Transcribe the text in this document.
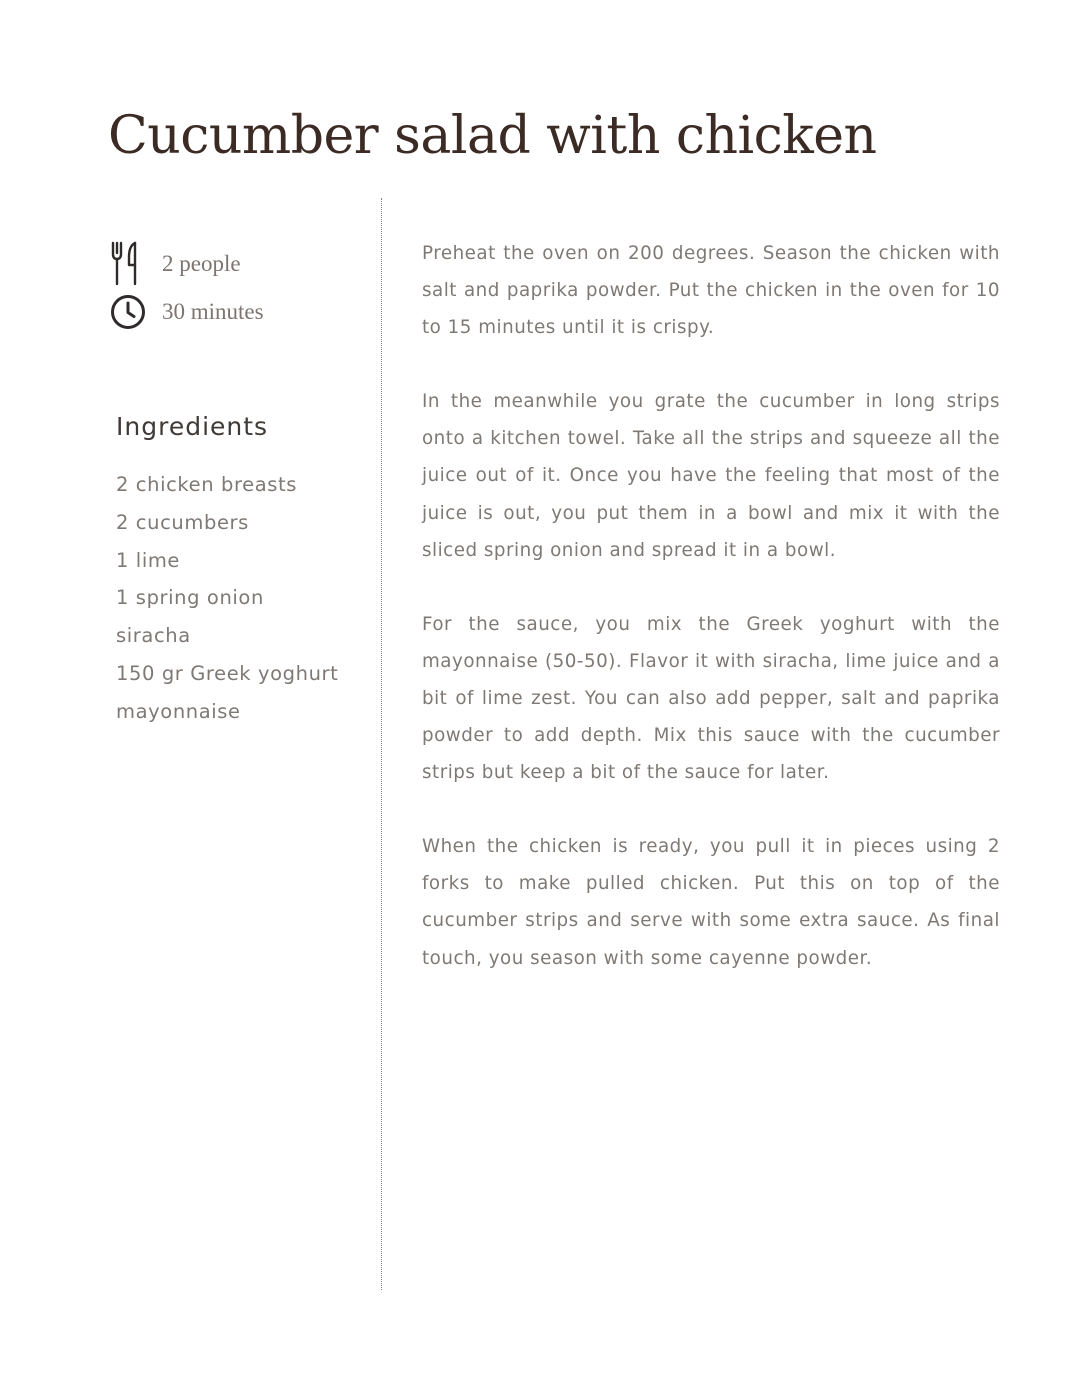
Cucumber salad with chicken
2 people
30 minutes
Ingredients
2 chicken breasts
2 cucumbers
1 lime
1 spring onion
siracha
150 gr Greek yoghurt
mayonnaise

Preheat the oven on 200 degrees. Season the chicken with salt and paprika powder. Put the chicken in the oven for 10 to 15 minutes until it is crispy.

In the meanwhile you grate the cucumber in long strips onto a kitchen towel. Take all the strips and squeeze all the juice out of it. Once you have the feeling that most of the juice is out, you put them in a bowl and mix it with the sliced spring onion and spread it in a bowl.

For the sauce, you mix the Greek yoghurt with the mayonnaise (50-50). Flavor it with siracha, lime juice and a bit of lime zest. You can also add pepper, salt and paprika powder to add depth. Mix this sauce with the cucumber strips but keep a bit of the sauce for later.

When the chicken is ready, you pull it in pieces using 2 forks to make pulled chicken. Put this on top of the cucumber strips and serve with some extra sauce. As final touch, you season with some cayenne powder.
